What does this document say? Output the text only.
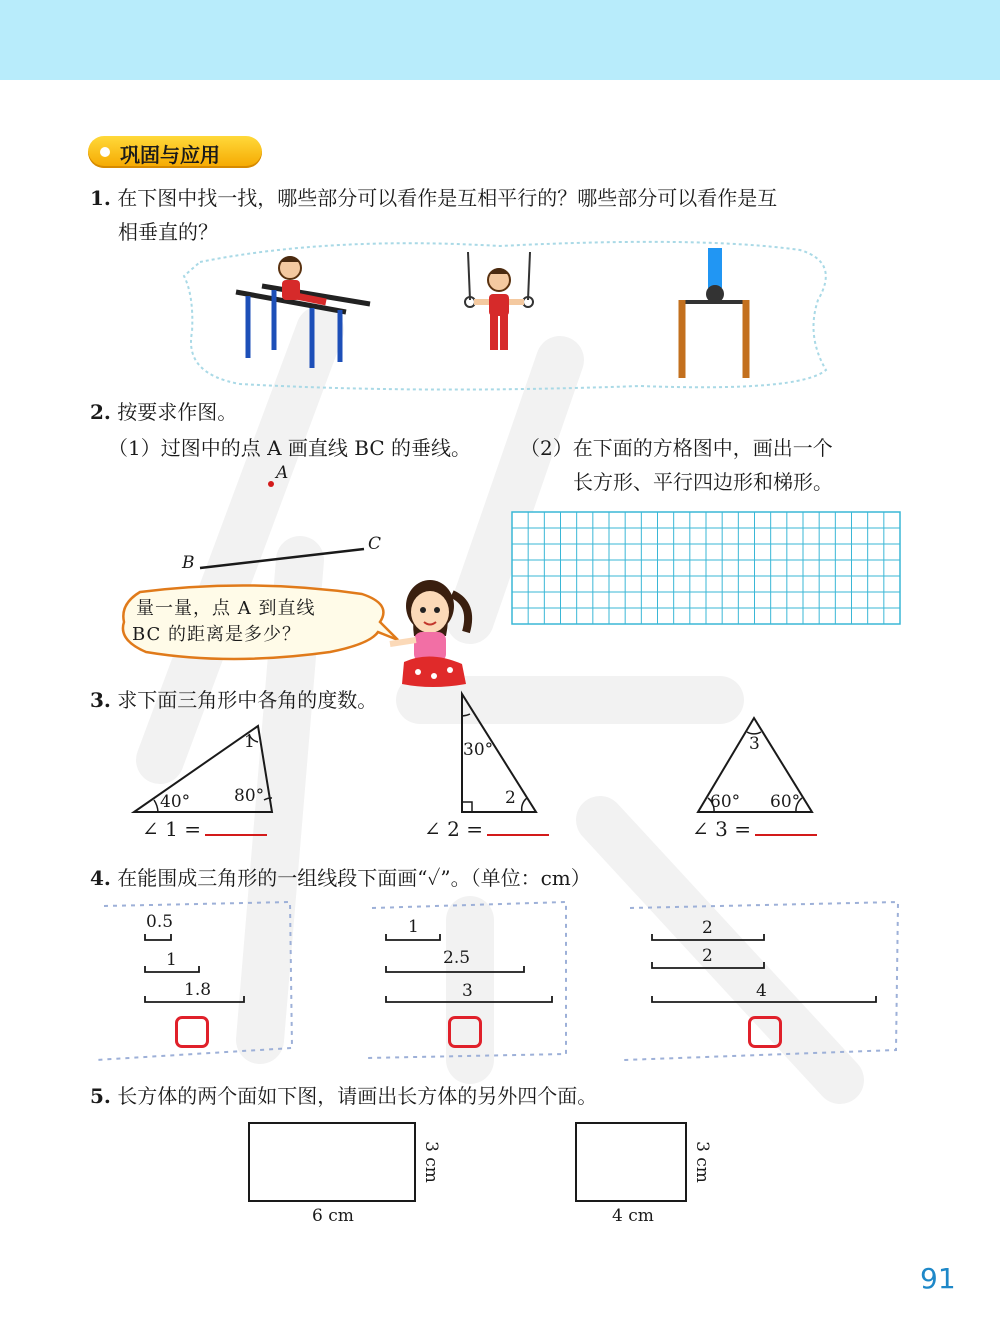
巩固与应用
1. 在下图中找一找，哪些部分可以看作是互相平行的？哪些部分可以看作是互
相垂直的？
2. 按要求作图。
（1）过图中的点 A 画直线 BC 的垂线。 （2）在下面的方格图中，画出一个
长方形、平行四边形和梯形。
A
B
C
量一量，点 A 到直线
BC 的距离是多少？
3. 求下面三角形中各角的度数。
1
40°	80°
∠ 1 =
30°
2
∠ 2 =
3
60° 60°
∠ 3 =
4. 在能围成三角形的一组线段下面画“✓”。（单位：cm）
0.5
1
1.8
1
2.5
3
2
2
4
5. 长方体的两个面如下图，请画出长方体的另外四个面。
6 cm
3 cm
4 cm
3 cm
91
